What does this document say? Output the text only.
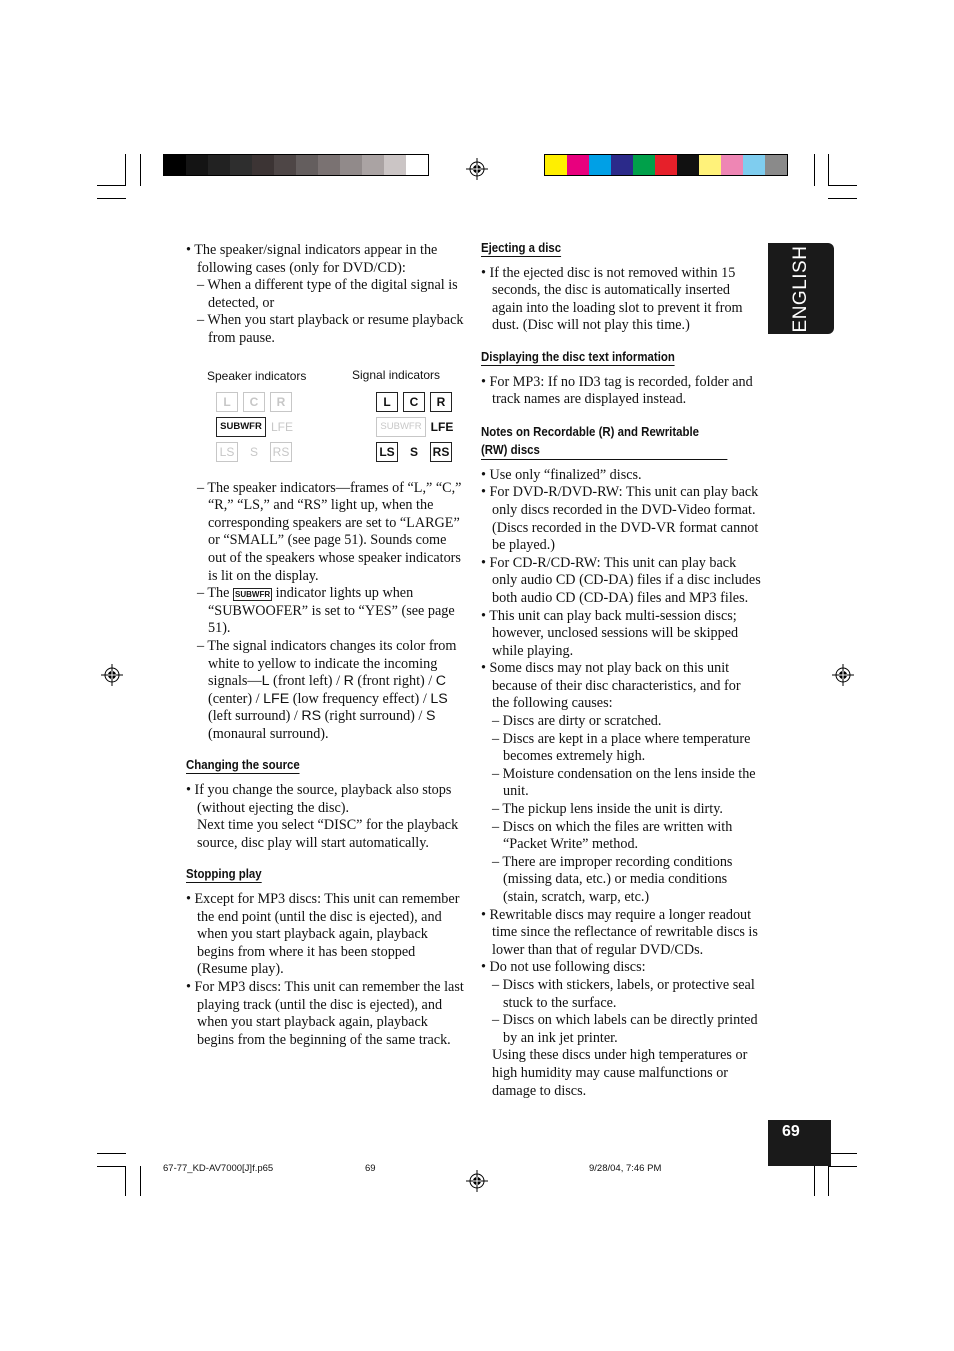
ENGLISH
69

• The speaker/signal indicators appear in the following cases (only for DVD/CD):

– When a different type of the digital signal is detected, or

– When you start playback or resume playback from pause.

Speaker indicators	Signal indicators
L	C	R
SUBWFR LFE
LS	S	RS
L	C	R
SUBWFR LFE
LS	S	RS

– The speaker indicators—frames of “L,” “C,” “R,” “LS,” and “RS” light up, when the corresponding speakers are set to “LARGE” or “SMALL” (see page 51). Sounds come out of the speakers whose speaker indicators is lit on the display.

– The SUBWFR indicator lights up when “SUBWOOFER” is set to “YES” (see page 51).

– The signal indicators changes its color from white to yellow to indicate the incoming signals—L (front left) / R (front right) / C (center) / LFE (low frequency effect) / LS (left surround) / RS (right surround) / S (monaural surround).

Changing the source

• If you change the source, playback also stops (without ejecting the disc).

Next time you select “DISC” for the playback source, disc play will start automatically.

Stopping play

• Except for MP3 discs: This unit can remember the end point (until the disc is ejected), and when you start playback again, playback begins from where it has been stopped (Resume play).

• For MP3 discs: This unit can remember the last playing track (until the disc is ejected), and when you start playback again, playback begins from the beginning of the same track.

Ejecting a disc

• If the ejected disc is not removed within 15 seconds, the disc is automatically inserted again into the loading slot to prevent it from dust. (Disc will not play this time.)

Displaying the disc text information

• For MP3: If no ID3 tag is recorded, folder and track names are displayed instead.

Notes on Recordable (R) and Rewritable (RW) discs

• Use only “finalized” discs.

• For DVD-R/DVD-RW: This unit can play back only discs recorded in the DVD-Video format. (Discs recorded in the DVD-VR format cannot be played.)

• For CD-R/CD-RW: This unit can play back only audio CD (CD-DA) files if a disc includes both audio CD (CD-DA) files and MP3 files.

• This unit can play back multi-session discs; however, unclosed sessions will be skipped while playing.

• Some discs may not play back on this unit because of their disc characteristics, and for the following causes:

– Discs are dirty or scratched.

– Discs are kept in a place where temperature becomes extremely high.

– Moisture condensation on the lens inside the unit.

– The pickup lens inside the unit is dirty.

– Discs on which the files are written with “Packet Write” method.

– There are improper recording conditions (missing data, etc.) or media conditions (stain, scratch, warp, etc.)

• Rewritable discs may require a longer readout time since the reflectance of rewritable discs is lower than that of regular DVD/CDs.

• Do not use following discs:

– Discs with stickers, labels, or protective seal stuck to the surface.

– Discs on which labels can be directly printed by an ink jet printer.

Using these discs under high temperatures or high humidity may cause malfunctions or damage to discs.

67-77_KD-AV7000[J]f.p65	69	9/28/04, 7:46 PM
